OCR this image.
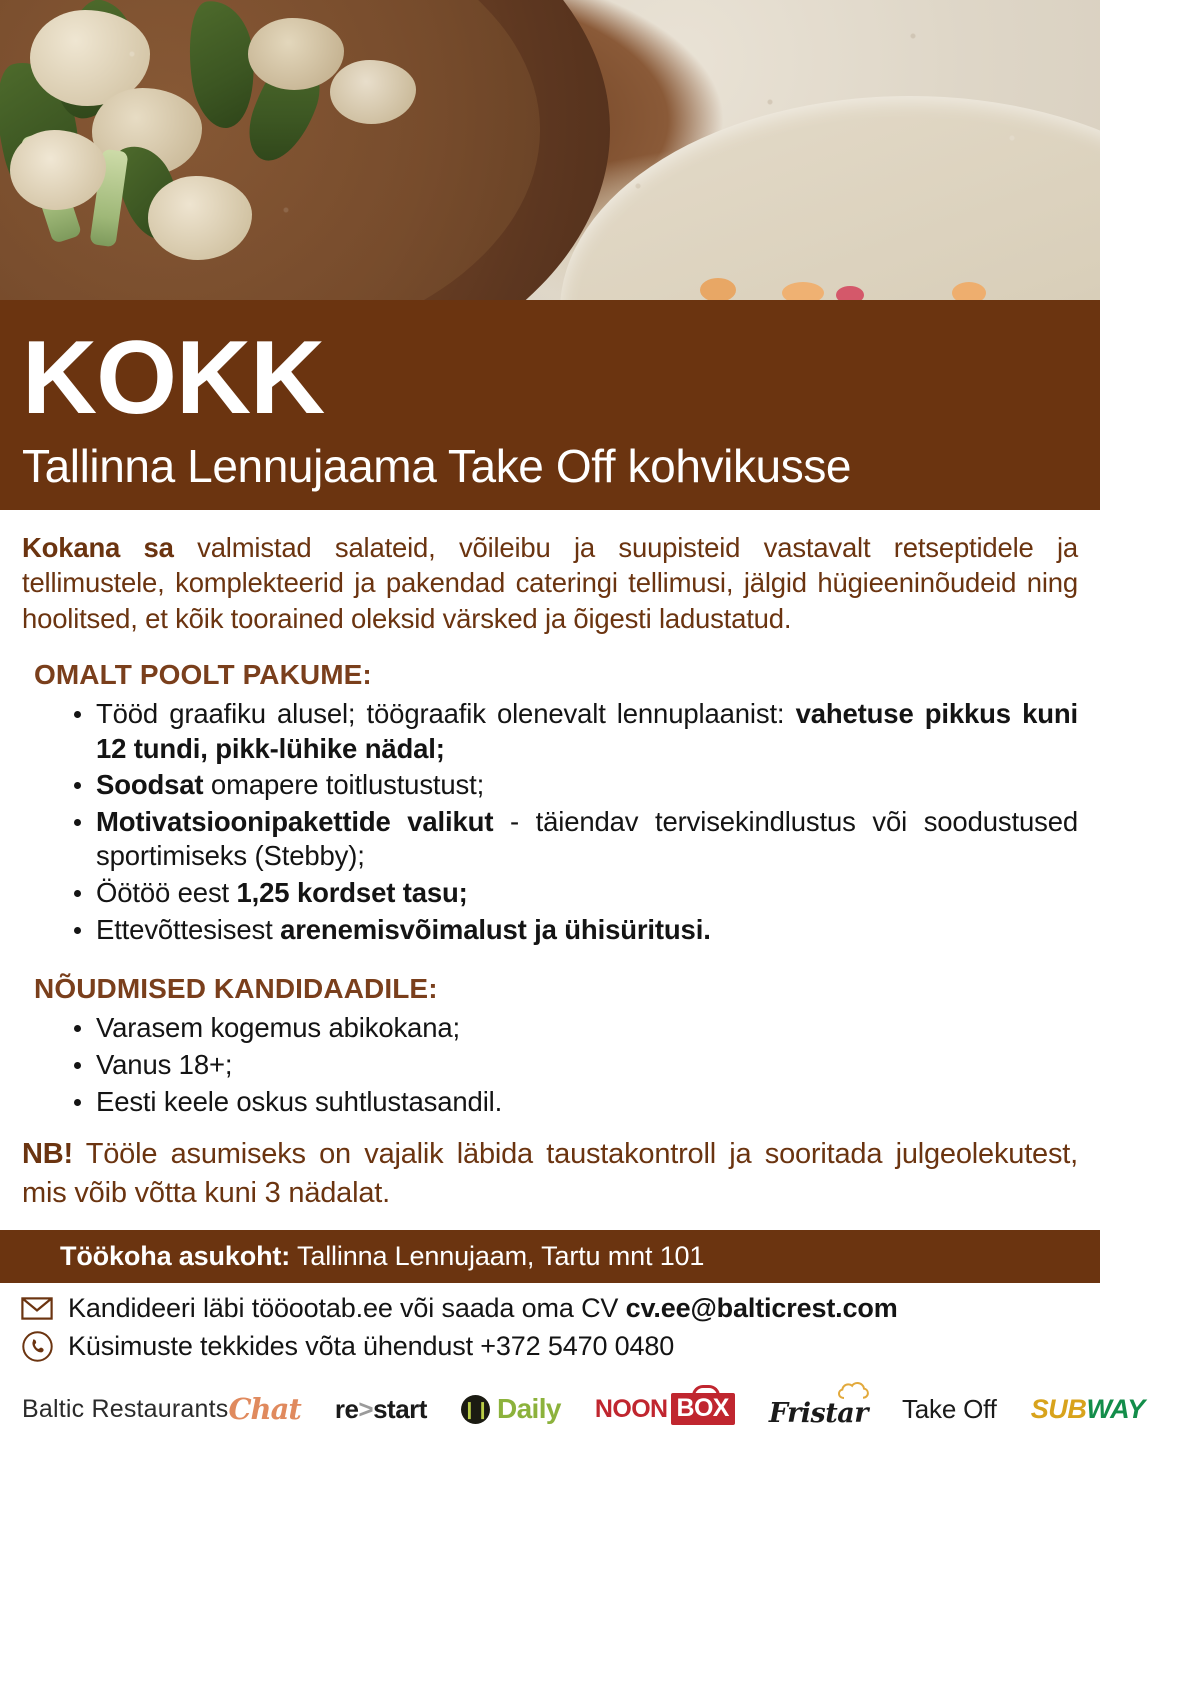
KOKK
Tallinna Lennujaama Take Off kohvikusse

Kokana sa valmistad salateid, võileibu ja suupisteid vastavalt retseptidele ja tellimustele, komplekteerid ja pakendad cateringi tellimusi, jälgid hügieeninõudeid ning hoolitsed, et kõik toorained oleksid värsked ja õigesti ladustatud.

OMALT POOLT PAKUME:
Tööd graafiku alusel; töögraafik olenevalt lennuplaanist: vahetuse pikkus kuni 12 tundi, pikk-lühike nädal;
Soodsat omapere toitlustustust;
Motivatsioonipakettide valikut - täiendav tervisekindlustus või soodustused sportimiseks (Stebby);
Öötöö eest 1,25 kordset tasu;
Ettevõttesisest arenemisvõimalust ja ühisüritusi.
NÕUDMISED KANDIDAADILE:
Varasem kogemus abikokana;
Vanus 18+;
Eesti keele oskus suhtlustasandil.

NB! Tööle asumiseks on vajalik läbida taustakontroll ja sooritada julgeolekutest, mis võib võtta kuni 3 nädalat.

Töökoha asukoht: Tallinna Lennujaam, Tartu mnt 101
Kandideeri läbi tööootab.ee või saada oma CV cv.ee@balticrest.com
Küsimuste tekkides võta ühendust +372 5470 0480
Baltic Restaurants Chat re > start ❙❙ Daily NOON BOX Fristar Take Off SUB WAY
